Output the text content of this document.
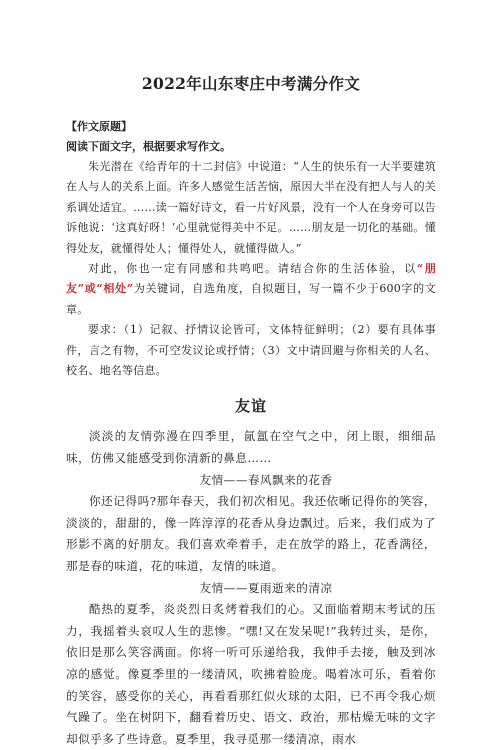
2022年山东枣庄中考满分作文

【作文原题】

阅读下面文字，根据要求写作文。

朱光潜在《给青年的十二封信》中说道：“人生的快乐有一大半要建筑在人与人的关系上面。许多人感觉生活苦恼，原因大半在没有把人与人的关系调处适宜。……读一篇好诗文，看一片好风景，没有一个人在身旁可以告诉他说：‘这真好呀！’心里就觉得美中不足。……朋友是一切化的基础。懂得处友，就懂得处人；懂得处人，就懂得做人。”

对此，你也一定有同感和共鸣吧。请结合你的生活体验，以“朋友”或“相处”为关键词，自选角度，自拟题目，写一篇不少于600字的文章。

要求：（1）记叙、抒情议论皆可，文体特征鲜明；（2）要有具体事件，言之有物，不可空发议论或抒情；（3）文中请回避与你相关的人名、校名、地名等信息。

友谊

淡淡的友情弥漫在四季里，氤氲在空气之中，闭上眼，细细品味，仿佛又能感受到你清新的鼻息……

友情——春风飘来的花香

你还记得吗?那年春天，我们初次相见。我还依晰记得你的笑容，淡淡的，甜甜的，像一阵淳淳的花香从身边飘过。后来，我们成为了形影不离的好朋友。我们喜欢牵着手，走在放学的路上，花香满径，那是春的味道，花的味道，友情的味道。

友情——夏雨逝来的清凉

酷热的夏季，炎炎烈日炙烤着我们的心。又面临着期末考试的压力，我摇着头哀叹人生的悲惨。“嘿!又在发呆呢!”我转过头，是你，依旧是那么笑容满面。你将一听可乐递给我，我伸手去接，触及到冰凉的感觉。像夏季里的一缕清风，吹拂着脸庞。喝着冰可乐，看着你的笑容，感受你的关心，再看看那红似火球的太阳，已不再令我心烦气躁了。坐在树阴下，翻看着历史、语文、政治，那枯燥无味的文字却似乎多了些诗意。夏季里，我寻觅那一缕清凉，雨水
